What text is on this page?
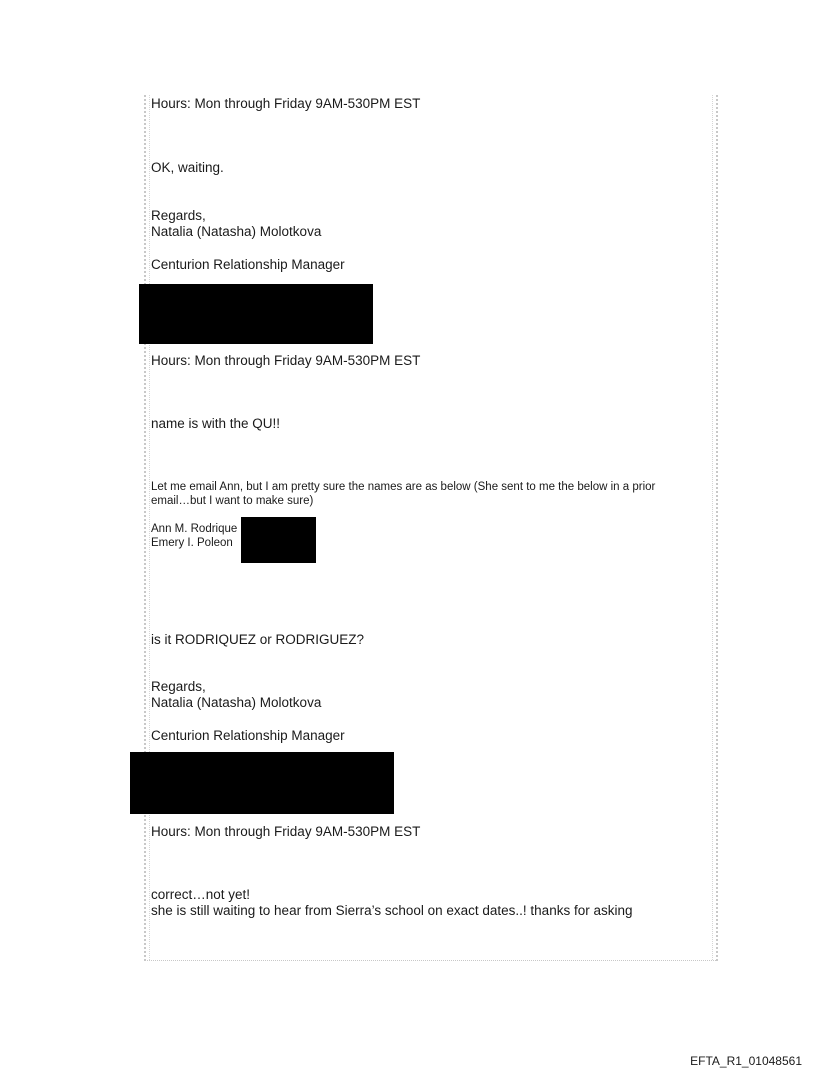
Hours: Mon through Friday 9AM-530PM EST
OK, waiting.
Regards,
Natalia (Natasha) Molotkova
Centurion Relationship Manager
Hours: Mon through Friday 9AM-530PM EST
name is with the QU!!
Let me email Ann, but I am pretty sure the names are as below (She sent to me the below in a prior
email…but I want to make sure)
Ann M. Rodrique
Emery I. Poleon
is it RODRIQUEZ or RODRIGUEZ?
Regards,
Natalia (Natasha) Molotkova
Centurion Relationship Manager
Hours: Mon through Friday 9AM-530PM EST
correct…not yet!
she is still waiting to hear from Sierra’s school on exact dates..! thanks for asking
EFTA_R1_01048561
